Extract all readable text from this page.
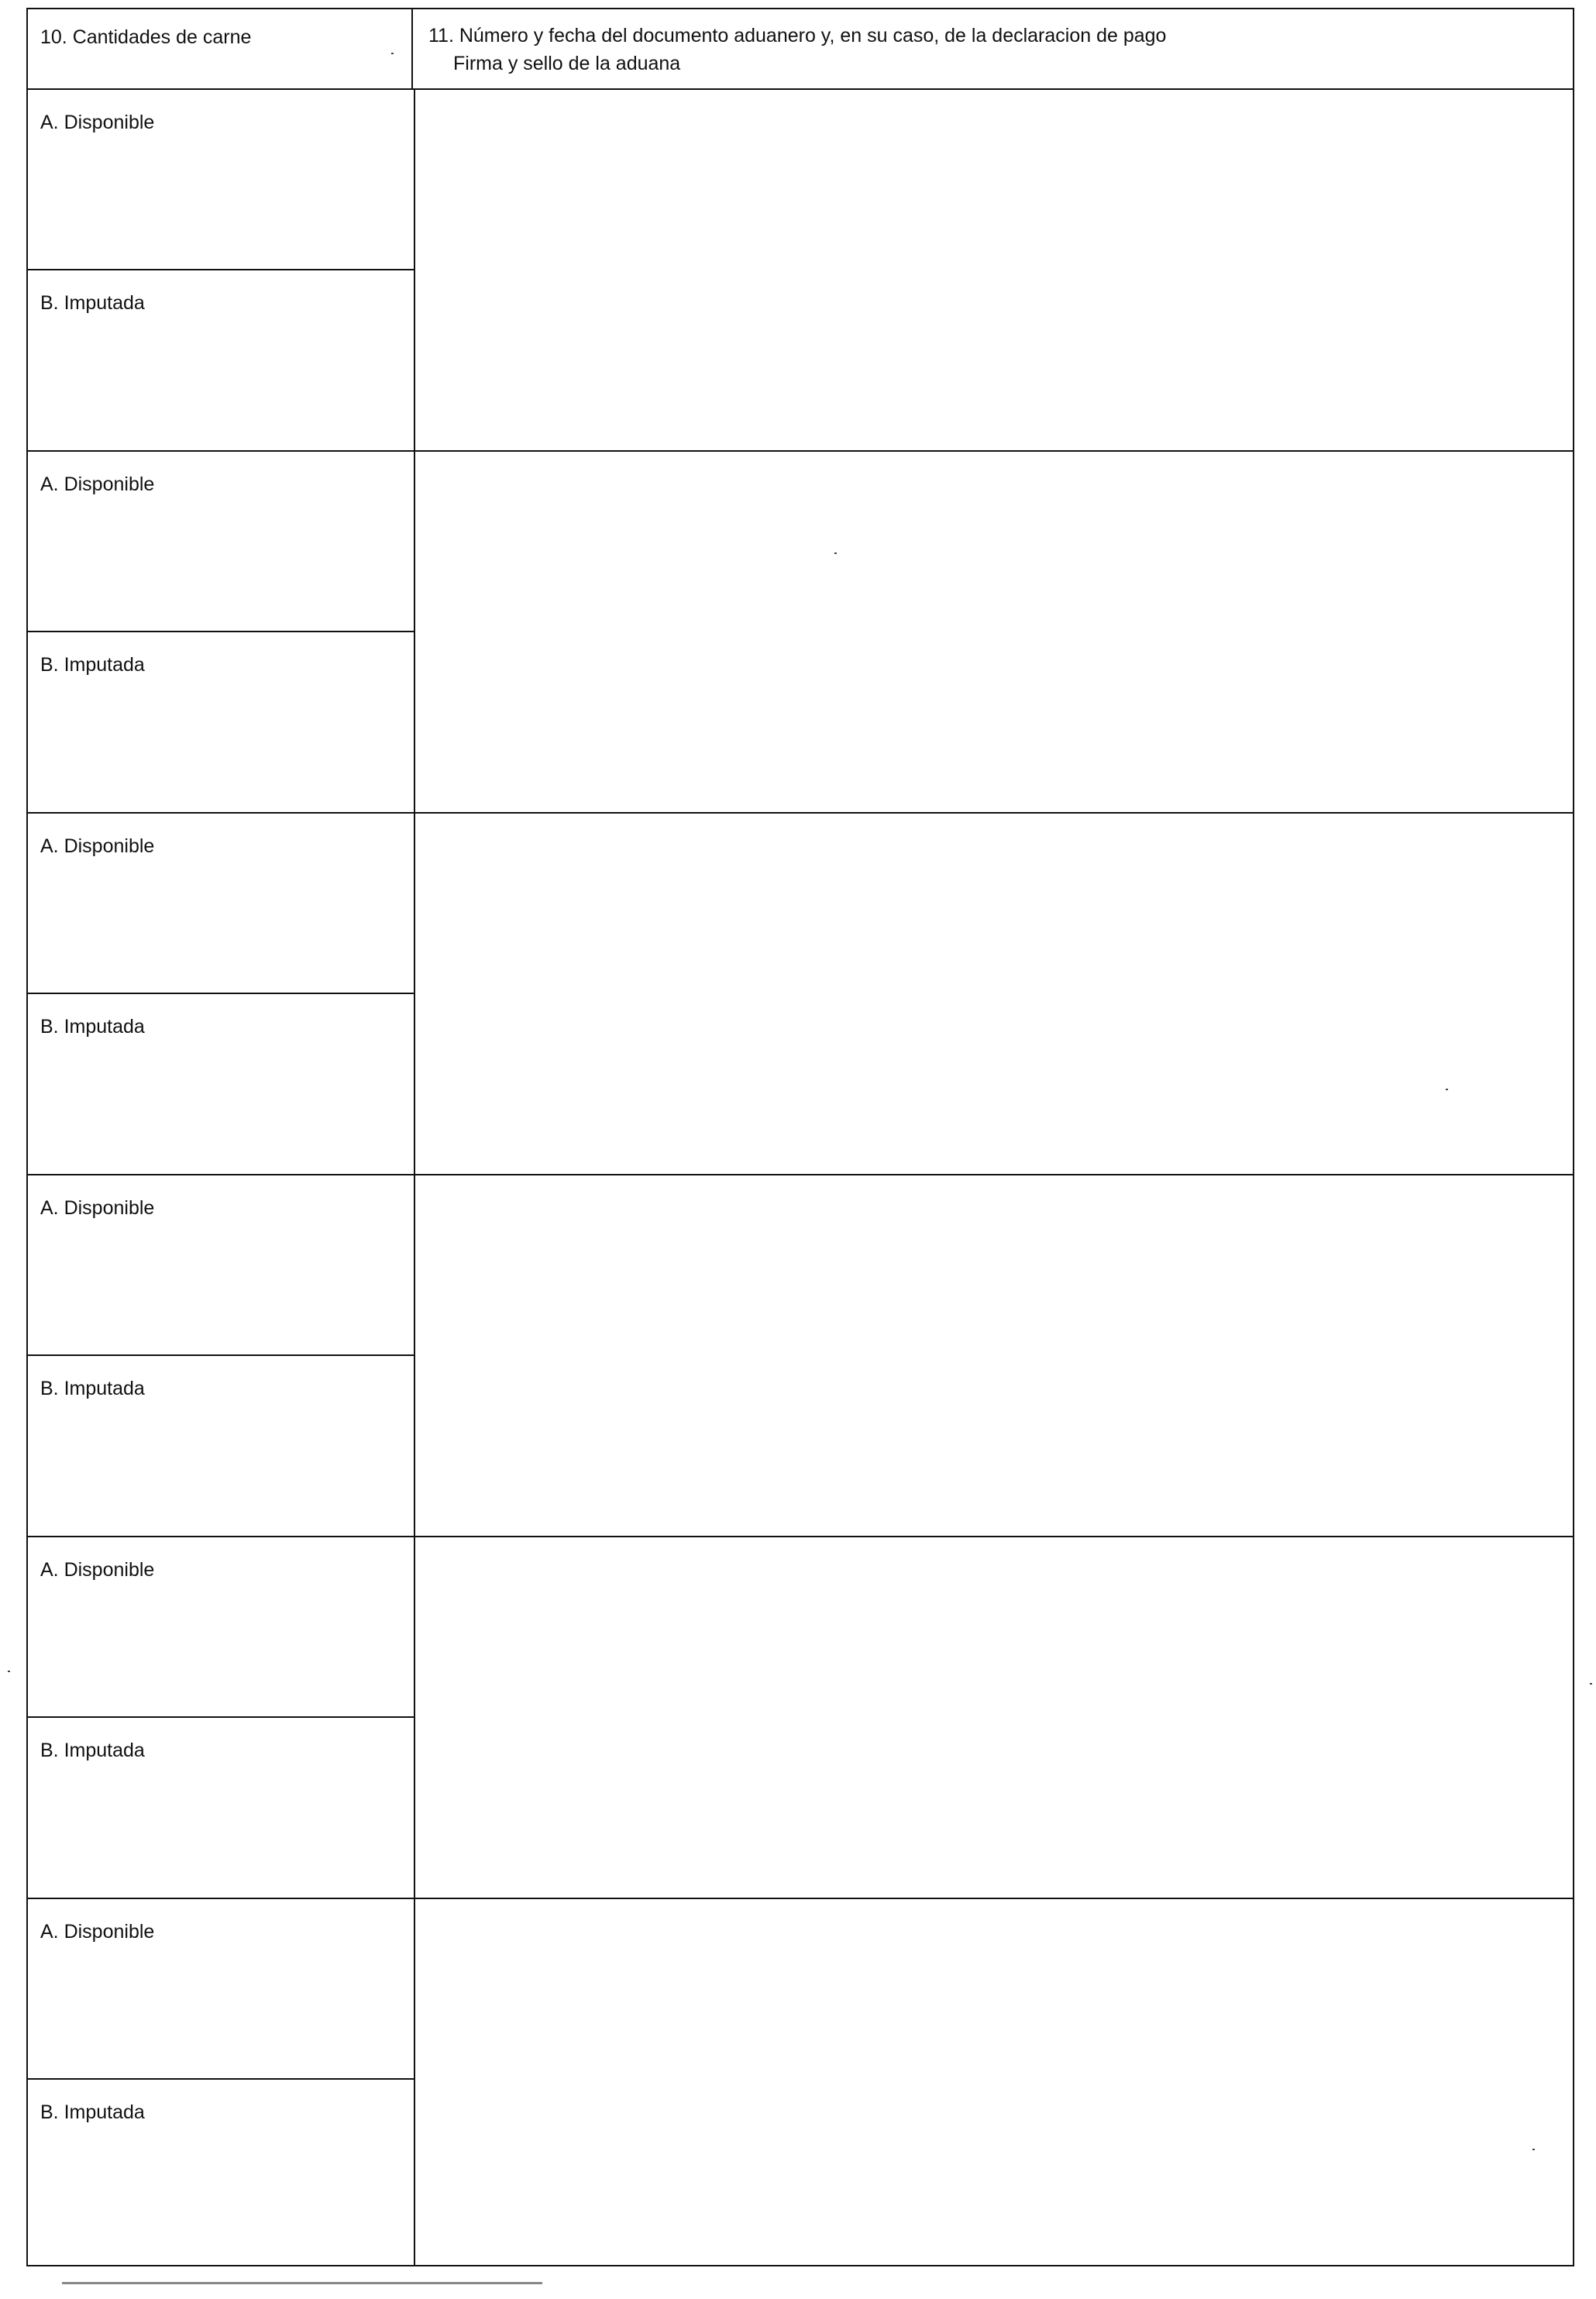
10. Cantidades de carne	11. Número y fecha del documento aduanero y, en su caso, de la declaracion de pago
Firma y sello de la aduana
A. Disponible
B. Imputada
A. Disponible
B. Imputada
A. Disponible
B. Imputada
A. Disponible
B. Imputada
A. Disponible
B. Imputada
A. Disponible
B. Imputada
